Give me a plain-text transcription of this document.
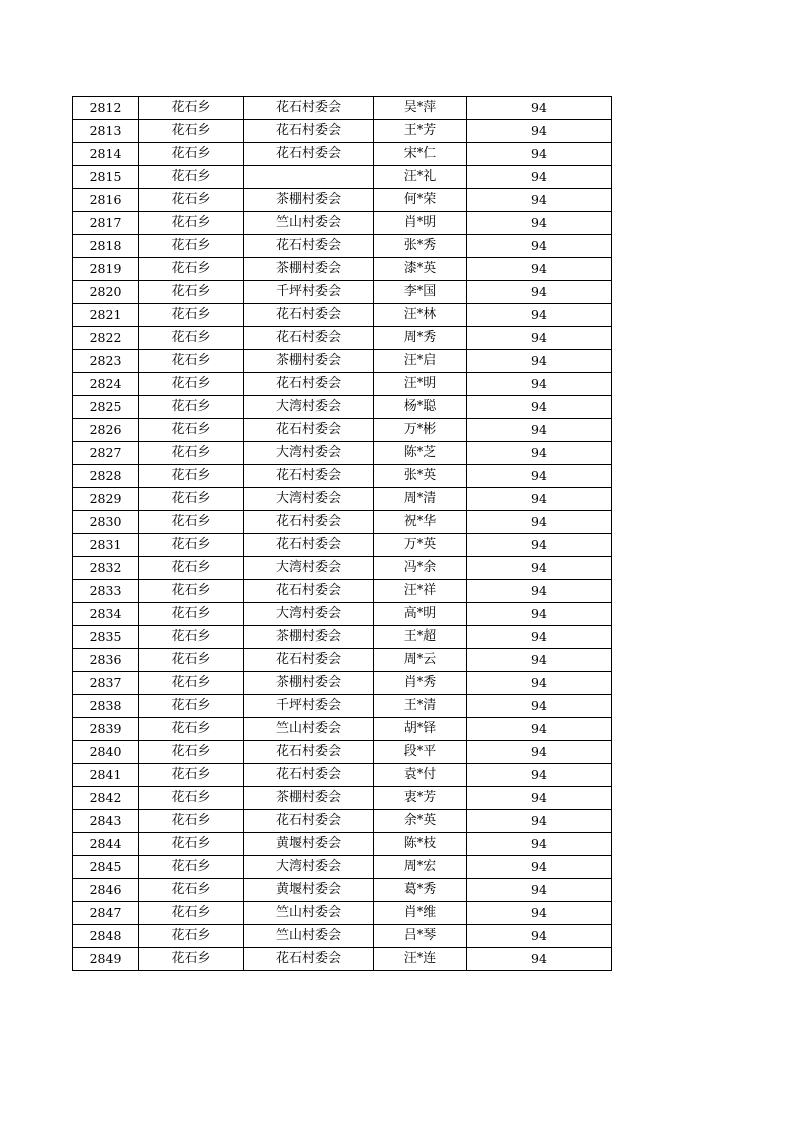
2812	花石乡	花石村委会	吴*萍	94
2813	花石乡	花石村委会	王*芳	94
2814	花石乡	花石村委会	宋*仁	94
2815	花石乡		汪*礼	94
2816	花石乡	茶棚村委会	何*荣	94
2817	花石乡	竺山村委会	肖*明	94
2818	花石乡	花石村委会	张*秀	94
2819	花石乡	茶棚村委会	漆*英	94
2820	花石乡	千坪村委会	李*国	94
2821	花石乡	花石村委会	汪*林	94
2822	花石乡	花石村委会	周*秀	94
2823	花石乡	茶棚村委会	汪*启	94
2824	花石乡	花石村委会	汪*明	94
2825	花石乡	大湾村委会	杨*聪	94
2826	花石乡	花石村委会	万*彬	94
2827	花石乡	大湾村委会	陈*芝	94
2828	花石乡	花石村委会	张*英	94
2829	花石乡	大湾村委会	周*清	94
2830	花石乡	花石村委会	祝*华	94
2831	花石乡	花石村委会	万*英	94
2832	花石乡	大湾村委会	冯*余	94
2833	花石乡	花石村委会	汪*祥	94
2834	花石乡	大湾村委会	高*明	94
2835	花石乡	茶棚村委会	王*超	94
2836	花石乡	花石村委会	周*云	94
2837	花石乡	茶棚村委会	肖*秀	94
2838	花石乡	千坪村委会	王*清	94
2839	花石乡	竺山村委会	胡*铎	94
2840	花石乡	花石村委会	段*平	94
2841	花石乡	花石村委会	袁*付	94
2842	花石乡	茶棚村委会	衷*芳	94
2843	花石乡	花石村委会	余*英	94
2844	花石乡	黄堰村委会	陈*枝	94
2845	花石乡	大湾村委会	周*宏	94
2846	花石乡	黄堰村委会	葛*秀	94
2847	花石乡	竺山村委会	肖*维	94
2848	花石乡	竺山村委会	吕*琴	94
2849	花石乡	花石村委会	汪*连	94
